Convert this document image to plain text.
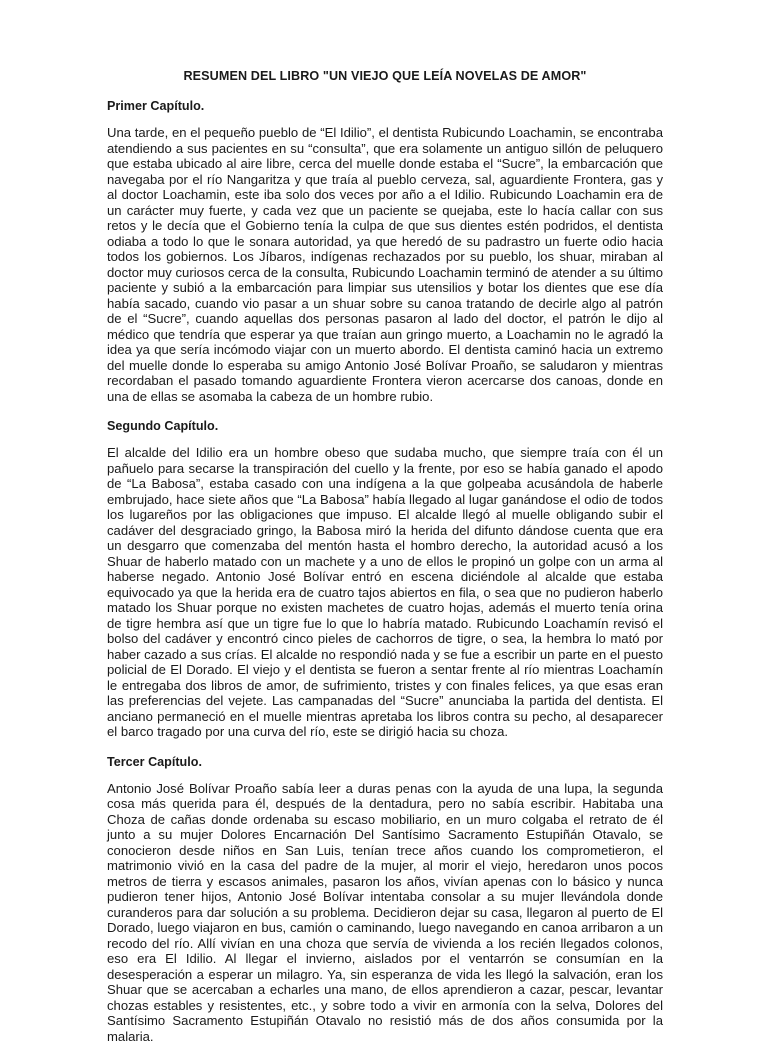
RESUMEN DEL LIBRO "UN VIEJO QUE LEÍA NOVELAS DE AMOR"
Primer Capítulo.

Una tarde, en el pequeño pueblo de “El Idilio”, el dentista Rubicundo Loachamin, se encontraba atendiendo a sus pacientes en su “consulta”, que era solamente un antiguo sillón de peluquero que estaba ubicado al aire libre, cerca del muelle donde estaba el “Sucre”, la embarcación que navegaba por el río Nangaritza y que traía al pueblo cerveza, sal, aguardiente Frontera, gas y al doctor Loachamin, este iba solo dos veces por año a el Idilio. Rubicundo Loachamin era de un carácter muy fuerte, y cada vez que un paciente se quejaba, este lo hacía callar con sus retos y le decía que el Gobierno tenía la culpa de que sus dientes estén podridos, el dentista odiaba a todo lo que le sonara autoridad, ya que heredó de su padrastro un fuerte odio hacia todos los gobiernos. Los Jíbaros, indígenas rechazados por su pueblo, los shuar, miraban al doctor muy curiosos cerca de la consulta, Rubicundo Loachamin terminó de atender a su último paciente y subió a la embarcación para limpiar sus utensilios y botar los dientes que ese día había sacado, cuando vio pasar a un shuar sobre su canoa tratando de decirle algo al patrón de el “Sucre”, cuando aquellas dos personas pasaron al lado del doctor, el patrón le dijo al médico que tendría que esperar ya que traían aun gringo muerto, a Loachamin no le agradó la idea ya que sería incómodo viajar con un muerto abordo. El dentista caminó hacia un extremo del muelle donde lo esperaba su amigo Antonio José Bolívar Proaño, se saludaron y mientras recordaban el pasado tomando aguardiente Frontera vieron acercarse dos canoas, donde en una de ellas se asomaba la cabeza de un hombre rubio.

Segundo Capítulo.

El alcalde del Idilio era un hombre obeso que sudaba mucho, que siempre traía con él un pañuelo para secarse la transpiración del cuello y la frente, por eso se había ganado el apodo de “La Babosa”, estaba casado con una indígena a la que golpeaba acusándola de haberle embrujado, hace siete años que “La Babosa” había llegado al lugar ganándose el odio de todos los lugareños por las obligaciones que impuso. El alcalde llegó al muelle obligando subir el cadáver del desgraciado gringo, la Babosa miró la herida del difunto dándose cuenta que era un desgarro que comenzaba del mentón hasta el hombro derecho, la autoridad acusó a los Shuar de haberlo matado con un machete y a uno de ellos le propinó un golpe con un arma al haberse negado. Antonio José Bolívar entró en escena diciéndole al alcalde que estaba equivocado ya que la herida era de cuatro tajos abiertos en fila, o sea que no pudieron haberlo matado los Shuar porque no existen machetes de cuatro hojas, además el muerto tenía orina de tigre hembra así que un tigre fue lo que lo habría matado. Rubicundo Loachamín revisó el bolso del cadáver y encontró cinco pieles de cachorros de tigre, o sea, la hembra lo mató por haber cazado a sus crías. El alcalde no respondió nada y se fue a escribir un parte en el puesto policial de El Dorado. El viejo y el dentista se fueron a sentar frente al río mientras Loachamín le entregaba dos libros de amor, de sufrimiento, tristes y con finales felices, ya que esas eran las preferencias del vejete. Las campanadas del “Sucre” anunciaba la partida del dentista. El anciano permaneció en el muelle mientras apretaba los libros contra su pecho, al desaparecer el barco tragado por una curva del río, este se dirigió hacia su choza.

Tercer Capítulo.

Antonio José Bolívar Proaño sabía leer a duras penas con la ayuda de una lupa, la segunda cosa más querida para él, después de la dentadura, pero no sabía escribir. Habitaba una Choza de cañas donde ordenaba su escaso mobiliario, en un muro colgaba el retrato de él junto a su mujer Dolores Encarnación Del Santísimo Sacramento Estupiñán Otavalo, se conocieron desde niños en San Luis, tenían trece años cuando los comprometieron, el matrimonio vivió en la casa del padre de la mujer, al morir el viejo, heredaron unos pocos metros de tierra y escasos animales, pasaron los años, vivían apenas con lo básico y nunca pudieron tener hijos, Antonio José Bolívar intentaba consolar a su mujer llevándola donde curanderos para dar solución a su problema. Decidieron dejar su casa, llegaron al puerto de El Dorado, luego viajaron en bus, camión o caminando, luego navegando en canoa arribaron a un recodo del río. Allí vivían en una choza que servía de vivienda a los recién llegados colonos, eso era El Idilio. Al llegar el invierno, aislados por el ventarrón se consumían en la desesperación a esperar un milagro. Ya, sin esperanza de vida les llegó la salvación, eran los Shuar que se acercaban a echarles una mano, de ellos aprendieron a cazar, pescar, levantar chozas estables y resistentes, etc., y sobre todo a vivir en armonía con la selva, Dolores del Santísimo Sacramento Estupiñán Otavalo no resistió más de dos años consumida por la malaria.
